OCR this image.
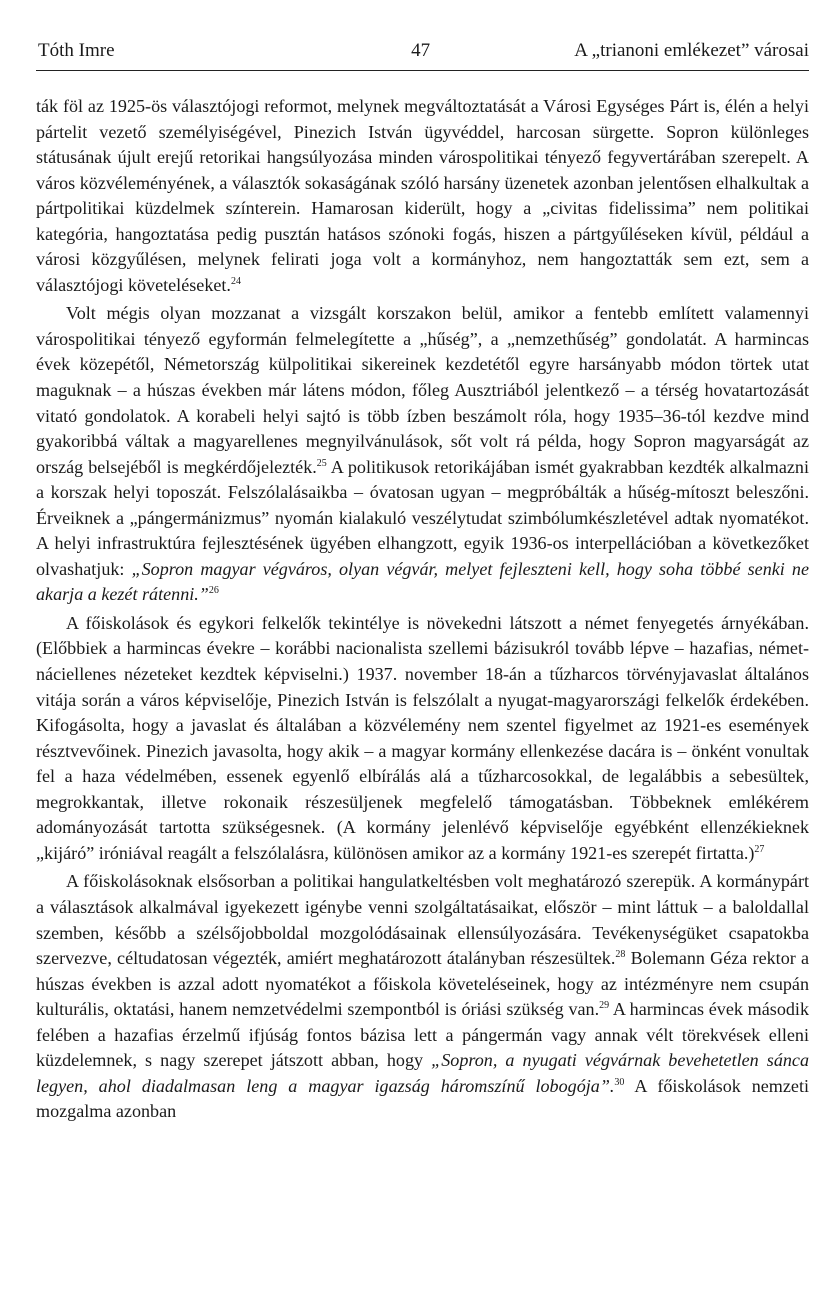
Tóth Imre	47	A „trianoni emlékezet” városai

ták föl az 1925-ös választójogi reformot, melynek megváltoztatását a Városi Egységes Párt is, élén a helyi pártelit vezető személyiségével, Pinezich István ügyvéddel, harcosan sürgette. Sopron különleges státusának újult erejű retorikai hangsúlyozása minden várospolitikai tényező fegyvertárában szerepelt. A város közvéleményének, a választók sokaságának szóló harsány üzenetek azonban jelentősen elhalkultak a pártpolitikai küzdelmek színterein. Hamarosan kiderült, hogy a „civitas fidelissima” nem politikai kategória, hangoztatása pedig pusztán hatásos szónoki fogás, hiszen a pártgyűléseken kívül, például a városi közgyűlésen, melynek felirati joga volt a kormányhoz, nem hangoztatták sem ezt, sem a választójogi követeléseket.$^{24}$

Volt mégis olyan mozzanat a vizsgált korszakon belül, amikor a fentebb említett valamennyi várospolitikai tényező egyformán felmelegítette a „hűség”, a „nemzethűség” gondolatát. A harmincas évek közepétől, Németország külpolitikai sikereinek kezdetétől egyre harsányabb módon törtek utat maguknak – a húszas években már látens módon, főleg Ausztriából jelentkező – a térség hovatartozását vitató gondolatok. A korabeli helyi sajtó is több ízben beszámolt róla, hogy 1935–36-tól kezdve mind gyakoribbá váltak a magyarellenes megnyilvánulások, sőt volt rá példa, hogy Sopron magyarságát az ország belsejéből is megkérdőjelezték.$^{25}$ A politikusok retorikájában ismét gyakrabban kezdték alkalmazni a korszak helyi toposzát. Felszólalásaikba – óvatosan ugyan – megpróbálták a hűség-mítoszt beleszőni. Érveiknek a „pángermánizmus” nyomán kialakuló veszélytudat szimbólumkészletével adtak nyomatékot. A helyi infrastruktúra fejlesztésének ügyében elhangzott, egyik 1936-os interpellációban a következőket olvashatjuk: „Sopron magyar végváros, olyan végvár, melyet fejleszteni kell, hogy soha többé senki ne akarja a kezét rátenni.”$^{26}$

A főiskolások és egykori felkelők tekintélye is növekedni látszott a német fenyegetés árnyékában. (Előbbiek a harmincas évekre – korábbi nacionalista szellemi bázisukról tovább lépve – hazafias, német-náciellenes nézeteket kezdtek képviselni.) 1937. november 18-án a tűzharcos törvényjavaslat általános vitája során a város képviselője, Pinezich István is felszólalt a nyugat-magyarországi felkelők érdekében. Kifogásolta, hogy a javaslat és általában a közvélemény nem szentel figyelmet az 1921-es események résztvevőinek. Pinezich javasolta, hogy akik – a magyar kormány ellenkezése dacára is – önként vonultak fel a haza védelmében, essenek egyenlő elbírálás alá a tűzharcosokkal, de legalábbis a sebesültek, megrokkantak, illetve rokonaik részesüljenek megfelelő támogatásban. Többeknek emlékérem adományozását tartotta szükségesnek. (A kormány jelenlévő képviselője egyébként ellenzékieknek „kijáró” iróniával reagált a felszólalásra, különösen amikor az a kormány 1921-es szerepét firtatta.)$^{27}$

A főiskolásoknak elsősorban a politikai hangulatkeltésben volt meghatározó szerepük. A kormánypárt a választások alkalmával igyekezett igénybe venni szolgáltatásaikat, először – mint láttuk – a baloldallal szemben, később a szélsőjobboldal mozgolódásainak ellensúlyozására. Tevékenységüket csapatokba szervezve, céltudatosan végezték, amiért meghatározott átalányban részesültek.$^{28}$ Bolemann Géza rektor a húszas években is azzal adott nyomatékot a főiskola követeléseinek, hogy az intézményre nem csupán kulturális, oktatási, hanem nemzetvédelmi szempontból is óriási szükség van.$^{29}$ A harmincas évek második felében a hazafias érzelmű ifjúság fontos bázisa lett a pángermán vagy annak vélt törekvések elleni küzdelemnek, s nagy szerepet játszott abban, hogy „Sopron, a nyugati végvárnak bevehetetlen sánca legyen, ahol diadalmasan leng a magyar igazság háromszínű lobogója”.$^{30}$ A főiskolások nemzeti mozgalma azonban
